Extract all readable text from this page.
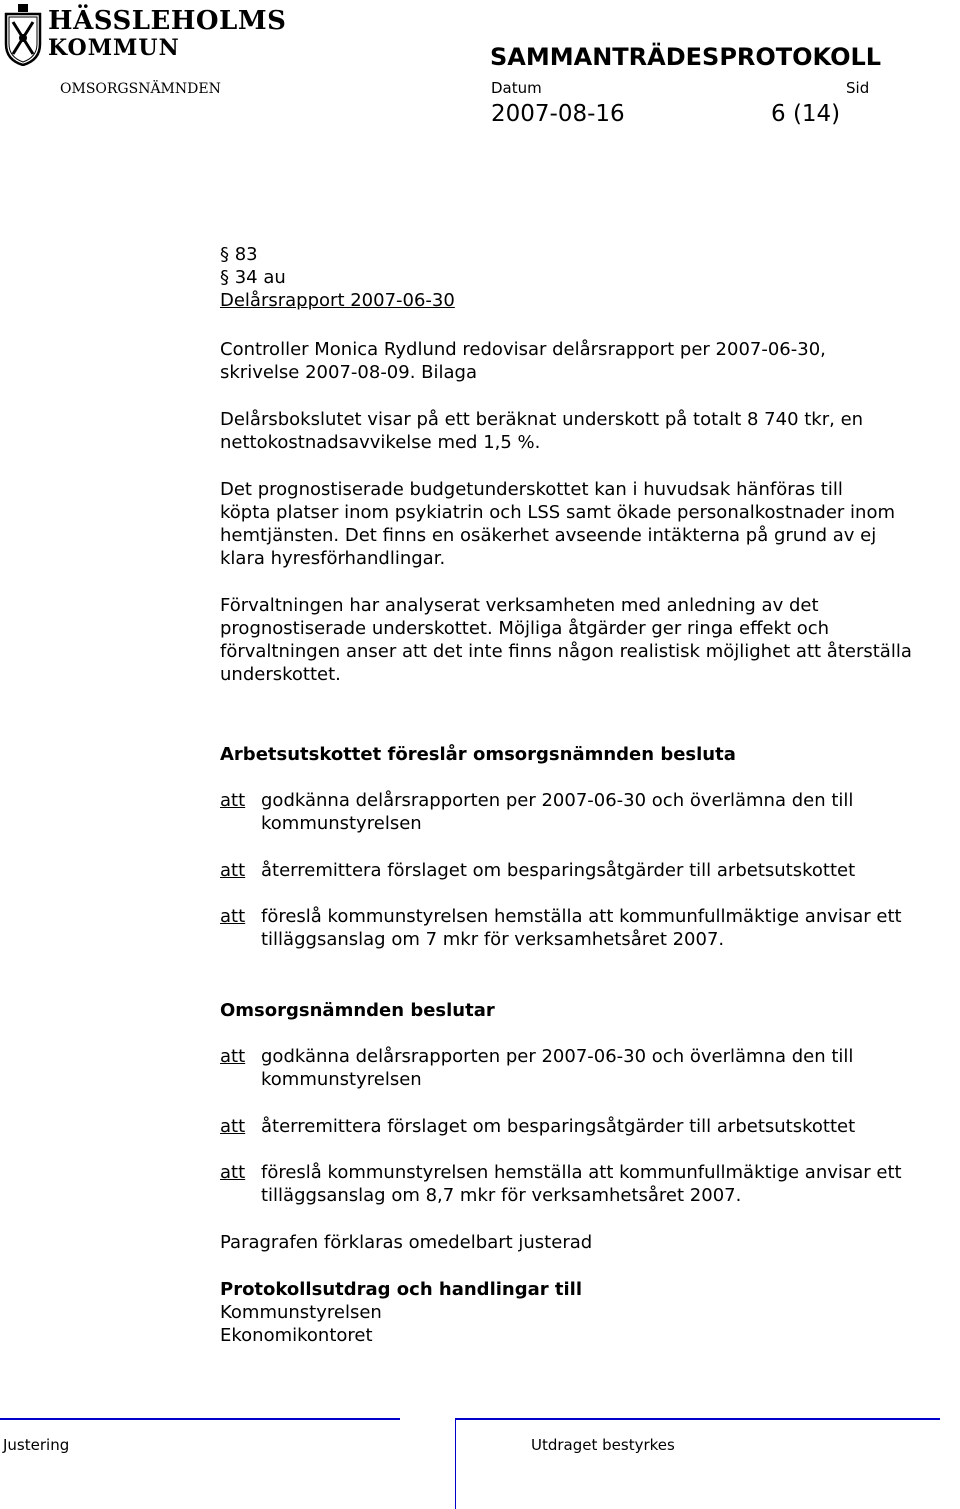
HÄSSLEHOLMS
KOMMUN	SAMMANTRÄDESPROTOKOLL
OMSORGSNÄMNDEN	Datum	Sid
2007-08-16	6 (14)
§ 83
§ 34 au
Delårsrapport 2007-06-30
Controller Monica Rydlund redovisar delårsrapport per 2007-06-30,
skrivelse 2007-08-09. Bilaga
Delårsbokslutet visar på ett beräknat underskott på totalt 8 740 tkr, en
nettokostnadsavvikelse med 1,5 %.
Det prognostiserade budgetunderskottet kan i huvudsak hänföras till
köpta platser inom psykiatrin och LSS samt ökade personalkostnader inom
hemtjänsten. Det finns en osäkerhet avseende intäkterna på grund av ej
klara hyresförhandlingar.
Förvaltningen har analyserat verksamheten med anledning av det
prognostiserade underskottet. Möjliga åtgärder ger ringa effekt och
förvaltningen anser att det inte finns någon realistisk möjlighet att återställa
underskottet.
Arbetsutskottet föreslår omsorgsnämnden besluta
att godkänna delårsrapporten per 2007-06-30 och överlämna den till
kommunstyrelsen
att återremittera förslaget om besparingsåtgärder till arbetsutskottet
att föreslå kommunstyrelsen hemställa att kommunfullmäktige anvisar ett
tilläggsanslag om 7 mkr för verksamhetsåret 2007.
Omsorgsnämnden beslutar
att godkänna delårsrapporten per 2007-06-30 och överlämna den till
kommunstyrelsen
att återremittera förslaget om besparingsåtgärder till arbetsutskottet
att föreslå kommunstyrelsen hemställa att kommunfullmäktige anvisar ett
tilläggsanslag om 8,7 mkr för verksamhetsåret 2007.
Paragrafen förklaras omedelbart justerad
Protokollsutdrag och handlingar till
Kommunstyrelsen
Ekonomikontoret
Justering	Utdraget bestyrkes
